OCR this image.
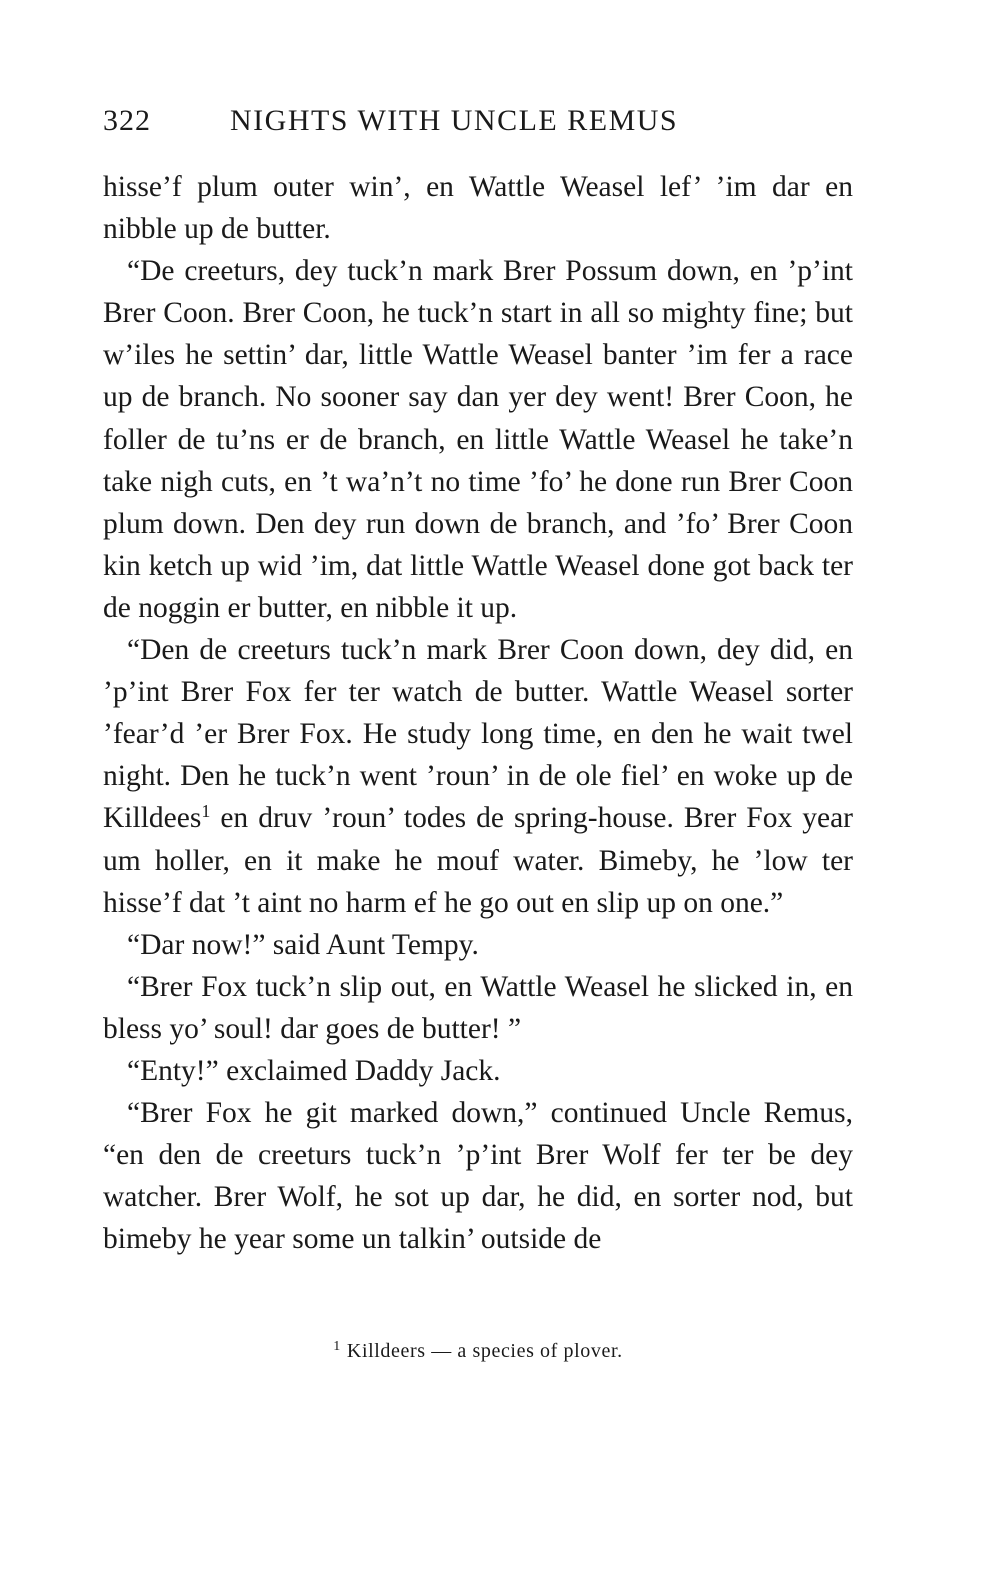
322	NIGHTS WITH UNCLE REMUS

hisse’f plum outer win’, en Wattle Weasel lef’ ’im dar en nibble up de butter.

“De creeturs, dey tuck’n mark Brer Possum down, en ’p’int Brer Coon. Brer Coon, he tuck’n start in all so mighty fine; but w’iles he settin’ dar, little Wattle Weasel banter ’im fer a race up de branch. No sooner say dan yer dey went! Brer Coon, he foller de tu’ns er de branch, en little Wattle Weasel he take’n take nigh cuts, en ’t wa’n’t no time ’fo’ he done run Brer Coon plum down. Den dey run down de branch, and ’fo’ Brer Coon kin ketch up wid ’im, dat little Wattle Weasel done got back ter de noggin er butter, en nibble it up.

“Den de creeturs tuck’n mark Brer Coon down, dey did, en ’p’int Brer Fox fer ter watch de butter. Wattle Weasel sorter ’fear’d ’er Brer Fox. He study long time, en den he wait twel night. Den he tuck’n went ’roun’ in de ole fiel’ en woke up de Killdees$^1$ en druv ’roun’ todes de spring-house. Brer Fox year um holler, en it make he mouf water. Bimeby, he ’low ter hisse’f dat ’t aint no harm ef he go out en slip up on one.”

“Dar now!” said Aunt Tempy.

“Brer Fox tuck’n slip out, en Wattle Weasel he slicked in, en bless yo’ soul! dar goes de butter! ”

“Enty!” exclaimed Daddy Jack.

“Brer Fox he git marked down,” continued Uncle Remus, “en den de creeturs tuck’n ’p’int Brer Wolf fer ter be dey watcher. Brer Wolf, he sot up dar, he did, en sorter nod, but bimeby he year some un talkin’ outside de

$^1$ Killdeers — a species of plover.
